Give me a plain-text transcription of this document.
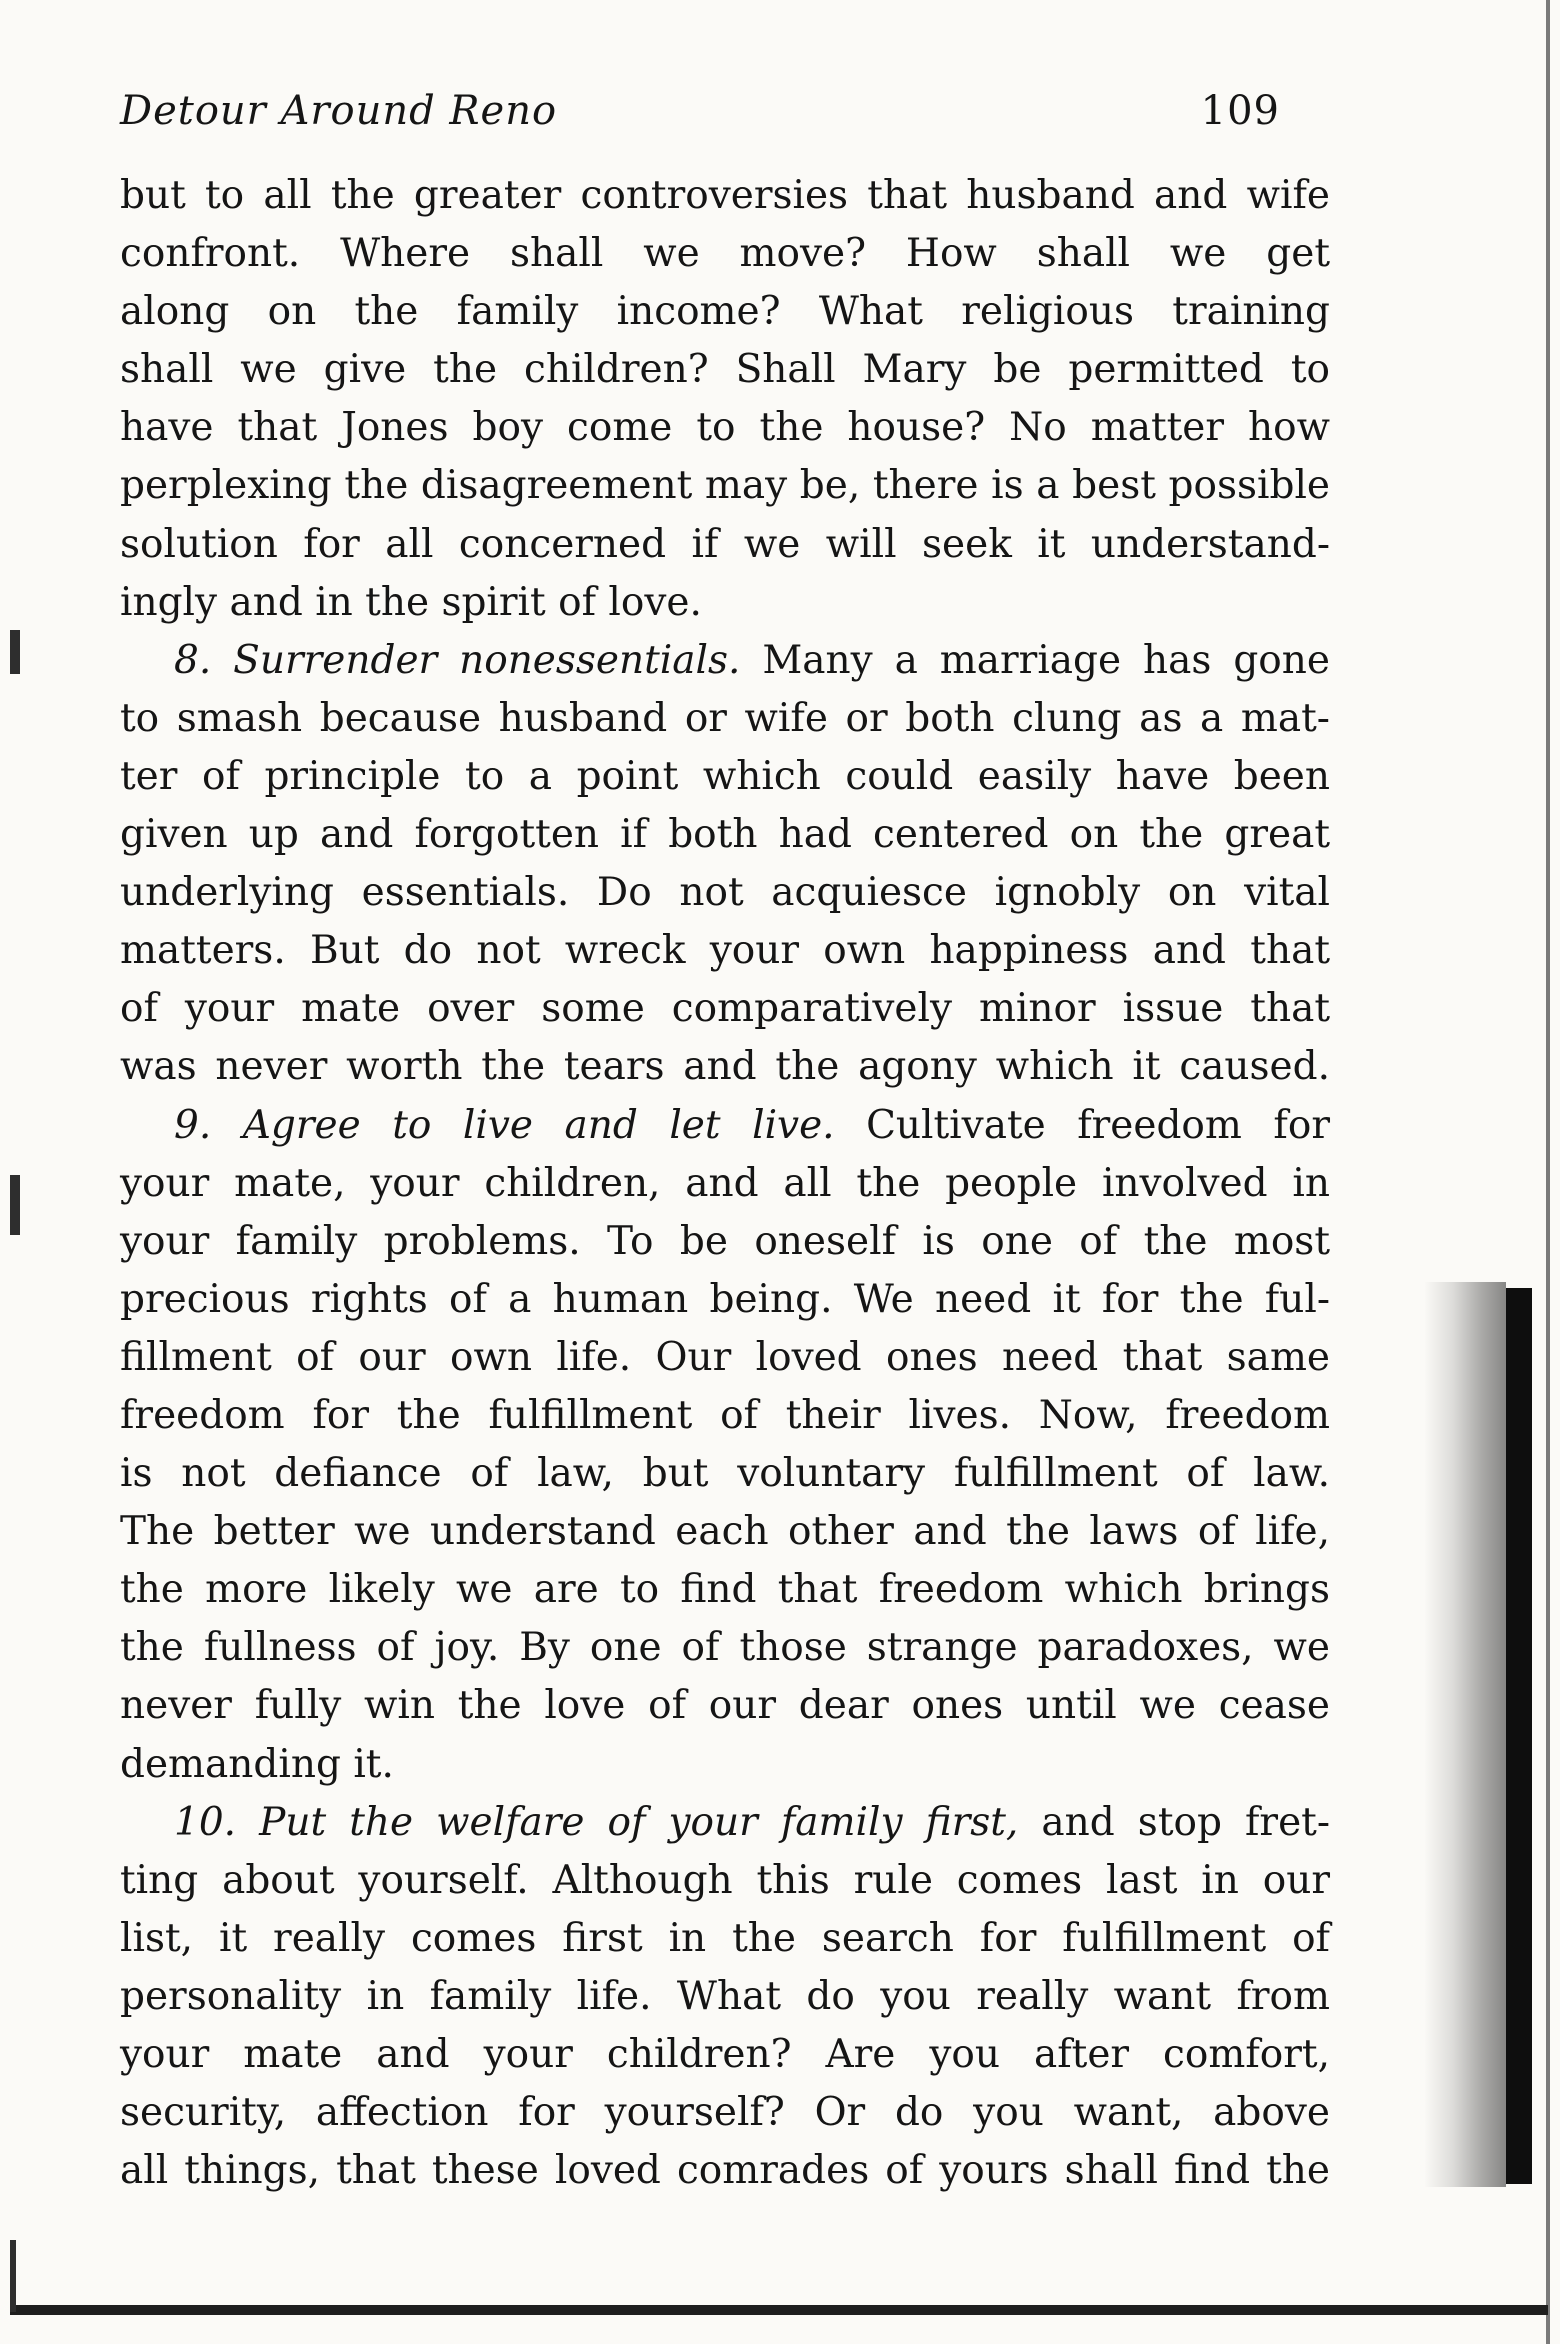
Detour Around Reno	109
but to all the greater controversies that husband and wife
confront. Where shall we move? How shall we get
along on the family income? What religious training
shall we give the children? Shall Mary be permitted to
have that Jones boy come to the house? No matter how
perplexing the disagreement may be, there is a best possible
solution for all concerned if we will seek it understand-
ingly and in the spirit of love.
8. Surrender nonessentials. Many a marriage has gone
to smash because husband or wife or both clung as a mat-
ter of principle to a point which could easily have been
given up and forgotten if both had centered on the great
underlying essentials. Do not acquiesce ignobly on vital
matters. But do not wreck your own happiness and that
of your mate over some comparatively minor issue that
was never worth the tears and the agony which it caused.
9. Agree to live and let live. Cultivate freedom for
your mate, your children, and all the people involved in
your family problems. To be oneself is one of the most
precious rights of a human being. We need it for the ful-
fillment of our own life. Our loved ones need that same
freedom for the fulfillment of their lives. Now, freedom
is not defiance of law, but voluntary fulfillment of law.
The better we understand each other and the laws of life,
the more likely we are to find that freedom which brings
the fullness of joy. By one of those strange paradoxes, we
never fully win the love of our dear ones until we cease
demanding it.
10. Put the welfare of your family first, and stop fret-
ting about yourself. Although this rule comes last in our
list, it really comes first in the search for fulfillment of
personality in family life. What do you really want from
your mate and your children? Are you after comfort,
security, affection for yourself? Or do you want, above
all things, that these loved comrades of yours shall find the
